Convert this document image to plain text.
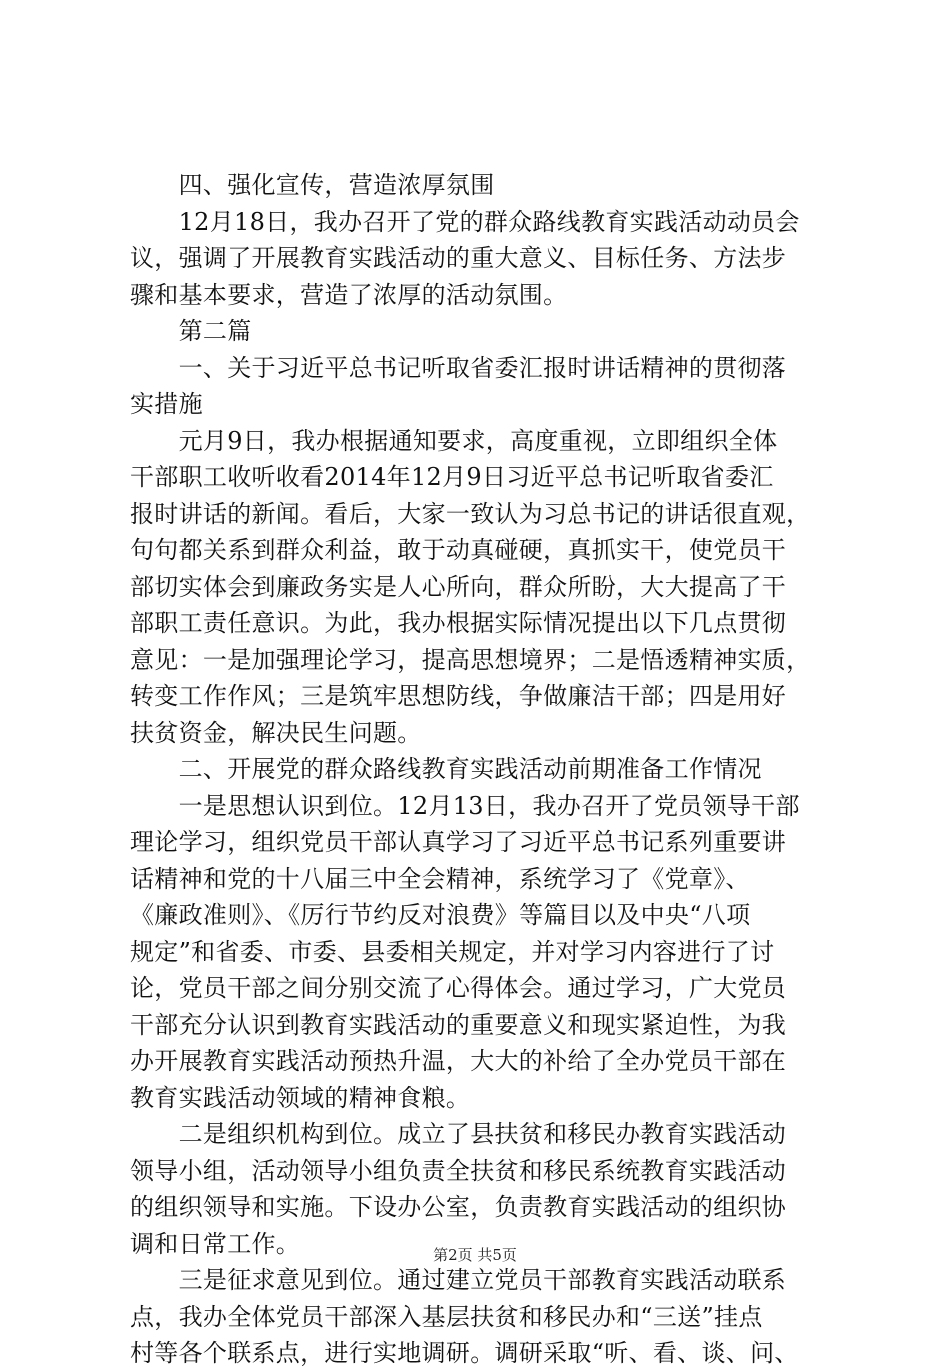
　　四、强化宣传，营造浓厚氛围
　　12月18日，我办召开了党的群众路线教育实践活动动员会
议，强调了开展教育实践活动的重大意义、目标任务、方法步
骤和基本要求，营造了浓厚的活动氛围。
　　第二篇
　　一、关于习近平总书记听取省委汇报时讲话精神的贯彻落
实措施
　　元月9日，我办根据通知要求，高度重视，立即组织全体
干部职工收听收看2014年12月9日习近平总书记听取省委汇
报时讲话的新闻。看后，大家一致认为习总书记的讲话很直观，
句句都关系到群众利益，敢于动真碰硬，真抓实干，使党员干
部切实体会到廉政务实是人心所向，群众所盼，大大提高了干
部职工责任意识。为此，我办根据实际情况提出以下几点贯彻
意见：一是加强理论学习，提高思想境界；二是悟透精神实质，
转变工作作风；三是筑牢思想防线，争做廉洁干部；四是用好
扶贫资金，解决民生问题。
　　二、开展党的群众路线教育实践活动前期准备工作情况
　　一是思想认识到位。12月13日，我办召开了党员领导干部
理论学习，组织党员干部认真学习了习近平总书记系列重要讲
话精神和党的十八届三中全会精神，系统学习了《党章》、
《廉政准则》、《厉行节约反对浪费》等篇目以及中央“八项
规定”和省委、市委、县委相关规定，并对学习内容进行了讨
论，党员干部之间分别交流了心得体会。通过学习，广大党员
干部充分认识到教育实践活动的重要意义和现实紧迫性，为我
办开展教育实践活动预热升温，大大的补给了全办党员干部在
教育实践活动领域的精神食粮。
　　二是组织机构到位。成立了县扶贫和移民办教育实践活动
领导小组，活动领导小组负责全扶贫和移民系统教育实践活动
的组织领导和实施。下设办公室，负责教育实践活动的组织协
调和日常工作。
　　三是征求意见到位。通过建立党员干部教育实践活动联系
点，我办全体党员干部深入基层扶贫和移民办和“三送”挂点
村等各个联系点，进行实地调研。调研采取“听、看、谈、问、
第2页 共5页
